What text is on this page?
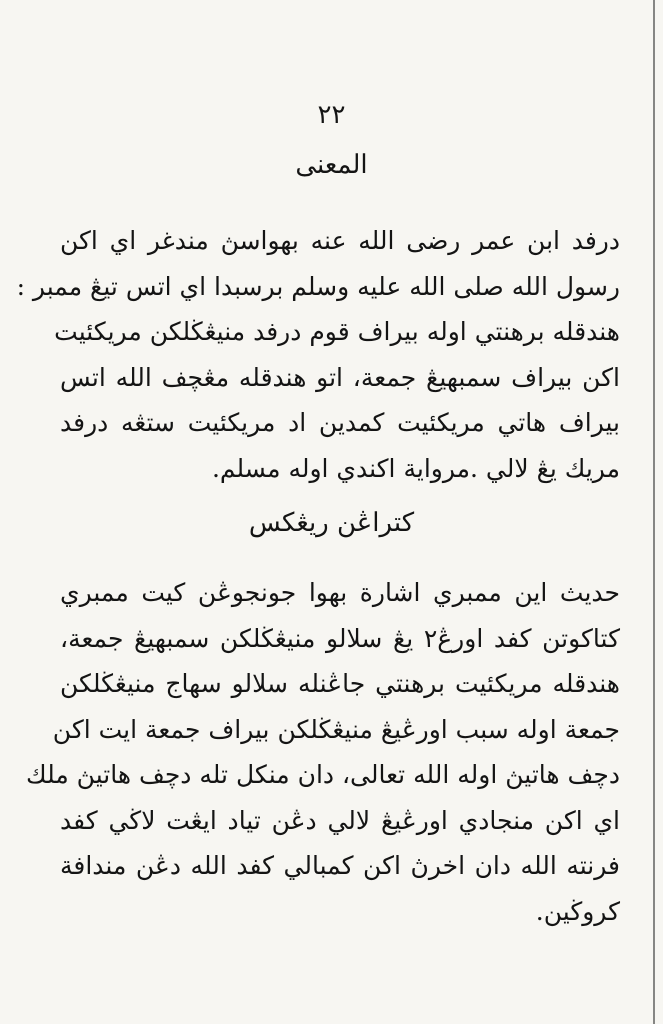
٢٢
المعنى
درفد ابن عمر رضى الله عنه بهواسڽ مندغر اي اكن
رسول الله صلى الله عليه وسلم برسبدا اي اتس تيڠ ممبر :
هندقله برهنتي اوله بيراف قوم درفد منيڠڬلكن مريكئيت
اكن بيراف سمبهيڠ جمعة، اتو هندقله مڠچف الله اتس
بيراف هاتي مريكئيت كمدين اد مريكئيت ستڠه درفد
مريك يڠ لالي .مرواية اكندي اوله مسلم.
كتراڠن ريڠكس
حديث اين ممبري اشارة بهوا جونجوڠن كيت ممبري
كتاكوتن كفد اورڠ٢ يڠ سلالو منيڠڬلكن سمبهيڠ جمعة،
هندقله مريكئيت برهنتي جاڠنله سلالو سهاج منيڠڬلكن
جمعة اوله سبب اورڠيڠ منيڠڬلكن بيراف جمعة ايت اكن
دچف هاتيڽ اوله الله تعالى، دان منكل تله دچف هاتيڽ ملك
اي اكن منجادي اورڠيڠ لالي دڠن تياد ايڠت لاڬي كفد
فرنته الله دان اخرڽ اكن كمبالي كفد الله دڠن مندافة
كروڬين.
